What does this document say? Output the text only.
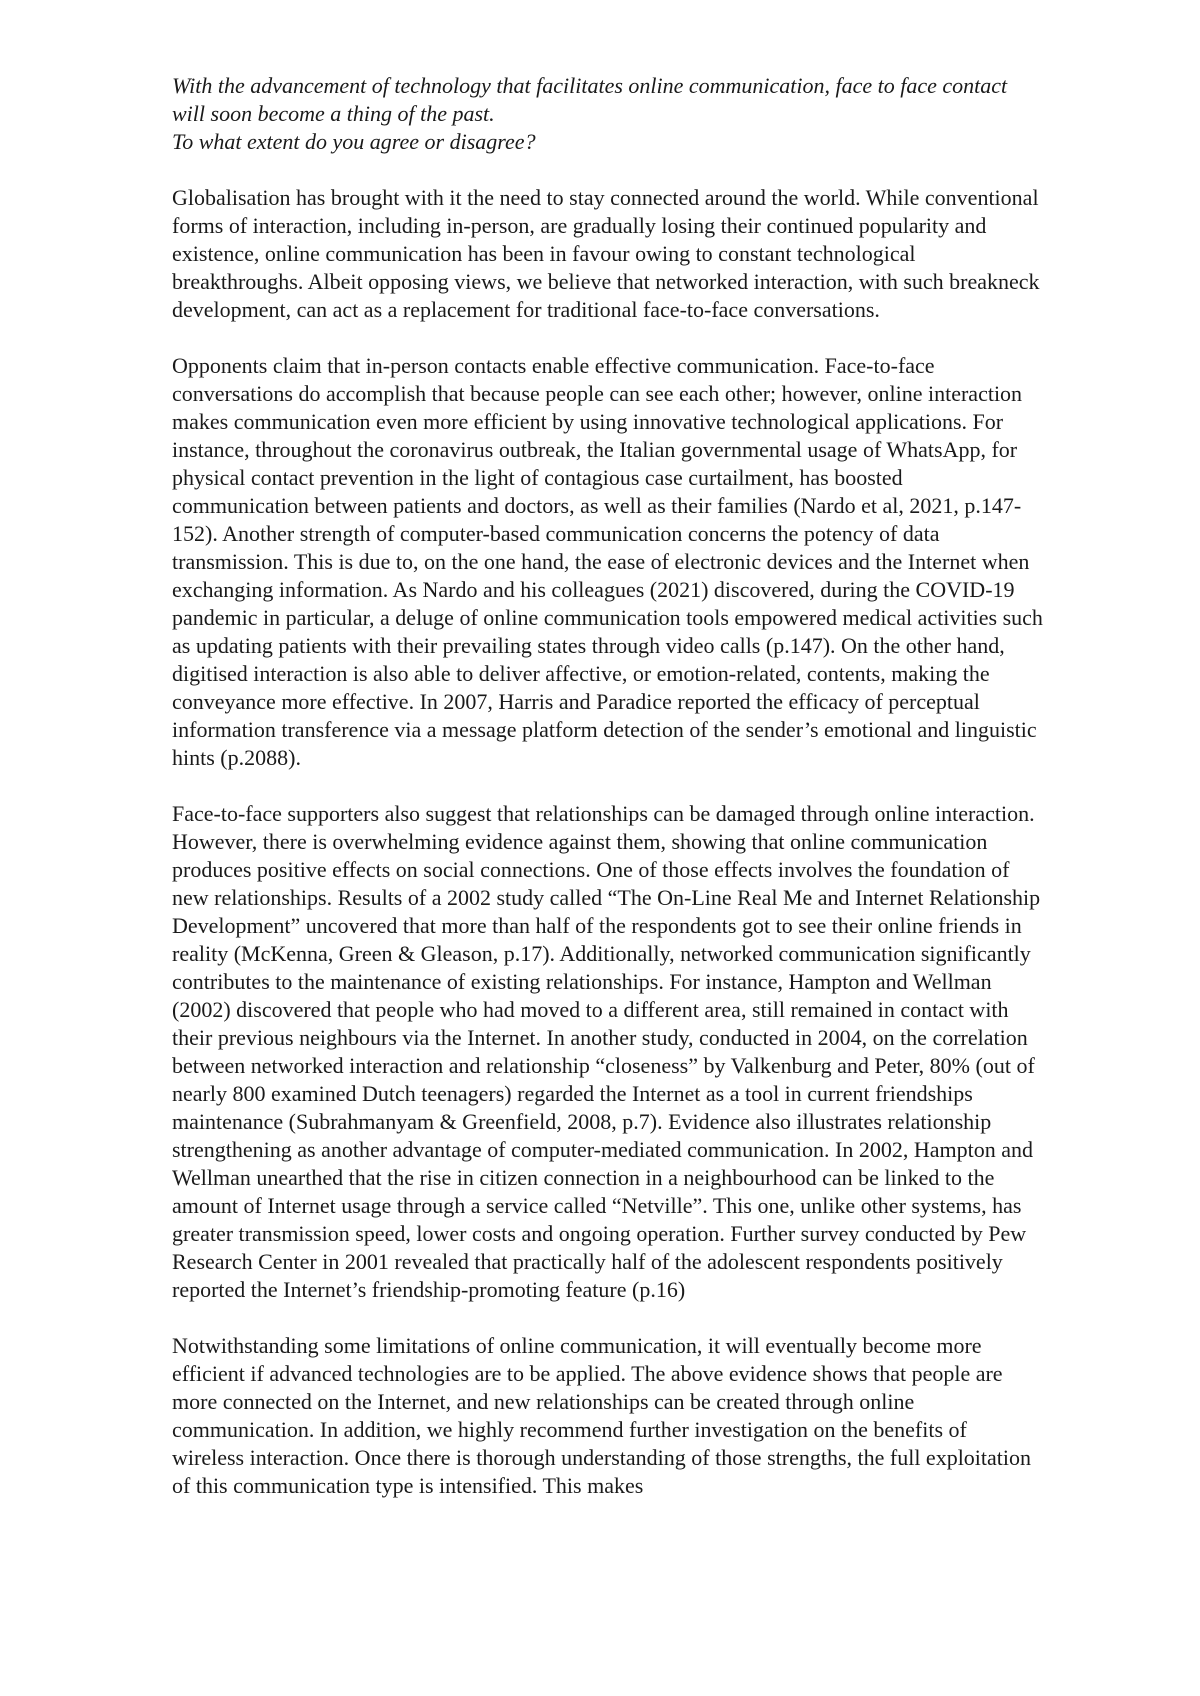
With the advancement of technology that facilitates online communication, face to face contact will soon become a thing of the past.
To what extent do you agree or disagree?

Globalisation has brought with it the need to stay connected around the world. While conventional forms of interaction, including in-person, are gradually losing their continued popularity and existence, online communication has been in favour owing to constant technological breakthroughs. Albeit opposing views, we believe that networked interaction, with such breakneck development, can act as a replacement for traditional face-to-face conversations.

Opponents claim that in-person contacts enable effective communication. Face-to-face conversations do accomplish that because people can see each other; however, online interaction makes communication even more efficient by using innovative technological applications. For instance, throughout the coronavirus outbreak, the Italian governmental usage of WhatsApp, for physical contact prevention in the light of contagious case curtailment, has boosted communication between patients and doctors, as well as their families (Nardo et al, 2021, p.147-152). Another strength of computer-based communication concerns the potency of data transmission. This is due to, on the one hand, the ease of electronic devices and the Internet when exchanging information. As Nardo and his colleagues (2021) discovered, during the COVID-19 pandemic in particular, a deluge of online communication tools empowered medical activities such as updating patients with their prevailing states through video calls (p.147). On the other hand, digitised interaction is also able to deliver affective, or emotion-related, contents, making the conveyance more effective. In 2007, Harris and Paradice reported the efficacy of perceptual information transference via a message platform detection of the sender’s emotional and linguistic hints (p.2088).

Face-to-face supporters also suggest that relationships can be damaged through online interaction. However, there is overwhelming evidence against them, showing that online communication produces positive effects on social connections. One of those effects involves the foundation of new relationships. Results of a 2002 study called “The On-Line Real Me and Internet Relationship Development” uncovered that more than half of the respondents got to see their online friends in reality (McKenna, Green & Gleason, p.17). Additionally, networked communication significantly contributes to the maintenance of existing relationships. For instance, Hampton and Wellman (2002) discovered that people who had moved to a different area, still remained in contact with their previous neighbours via the Internet. In another study, conducted in 2004, on the correlation between networked interaction and relationship “closeness” by Valkenburg and Peter, 80% (out of nearly 800 examined Dutch teenagers) regarded the Internet as a tool in current friendships maintenance (Subrahmanyam & Greenfield, 2008, p.7). Evidence also illustrates relationship strengthening as another advantage of computer-mediated communication. In 2002, Hampton and Wellman unearthed that the rise in citizen connection in a neighbourhood can be linked to the amount of Internet usage through a service called “Netville”. This one, unlike other systems, has greater transmission speed, lower costs and ongoing operation. Further survey conducted by Pew Research Center in 2001 revealed that practically half of the adolescent respondents positively reported the Internet’s friendship-promoting feature (p.16)

Notwithstanding some limitations of online communication, it will eventually become more efficient if advanced technologies are to be applied. The above evidence shows that people are more connected on the Internet, and new relationships can be created through online communication. In addition, we highly recommend further investigation on the benefits of wireless interaction. Once there is thorough understanding of those strengths, the full exploitation of this communication type is intensified. This makes
